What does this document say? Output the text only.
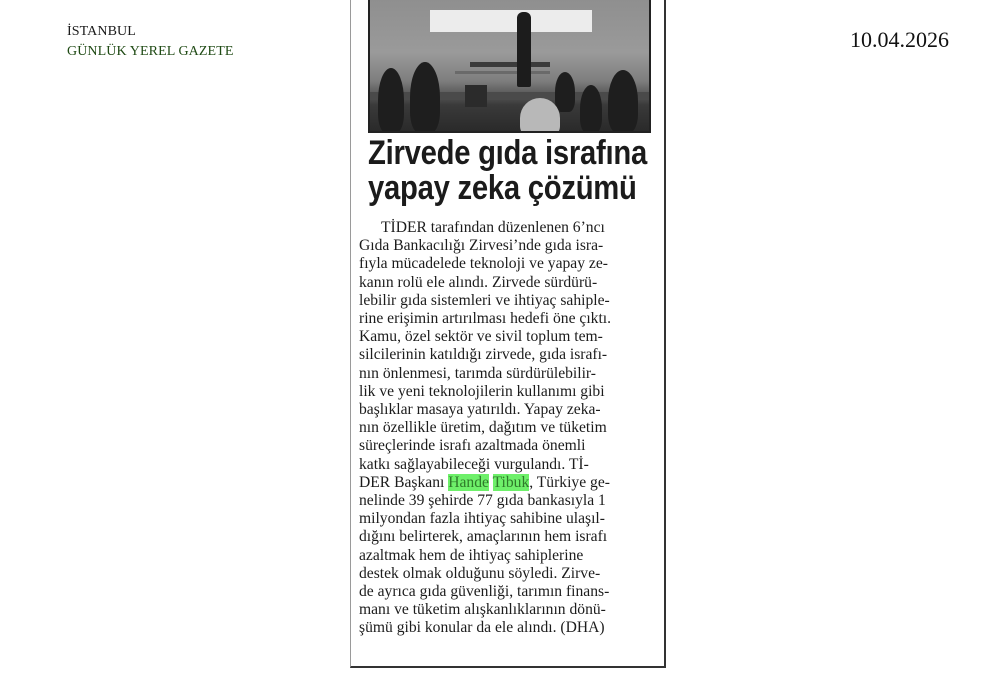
İSTANBUL
GÜNLÜK YEREL GAZETE	10.04.2026
Zirvede gıda israfına
yapay zeka çözümü
TİDER tarafından düzenlenen 6’ncı
Gıda Bankacılığı Zirvesi’nde gıda isra-
fıyla mücadelede teknoloji ve yapay ze-
kanın rolü ele alındı. Zirvede sürdürü-
lebilir gıda sistemleri ve ihtiyaç sahiple-
rine erişimin artırılması hedefi öne çıktı.
Kamu, özel sektör ve sivil toplum tem-
silcilerinin katıldığı zirvede, gıda israfı-
nın önlenmesi, tarımda sürdürülebilir-
lik ve yeni teknolojilerin kullanımı gibi
başlıklar masaya yatırıldı. Yapay zeka-
nın özellikle üretim, dağıtım ve tüketim
süreçlerinde israfı azaltmada önemli
katkı sağlayabileceği vurgulandı. Tİ-
DER Başkanı Hande Tibuk, Türkiye ge-
nelinde 39 şehirde 77 gıda bankasıyla 1
milyondan fazla ihtiyaç sahibine ulaşıl-
dığını belirterek, amaçlarının hem israfı
azaltmak hem de ihtiyaç sahiplerine
destek olmak olduğunu söyledi. Zirve-
de ayrıca gıda güvenliği, tarımın finans-
manı ve tüketim alışkanlıklarının dönü-
şümü gibi konular da ele alındı. (DHA)
